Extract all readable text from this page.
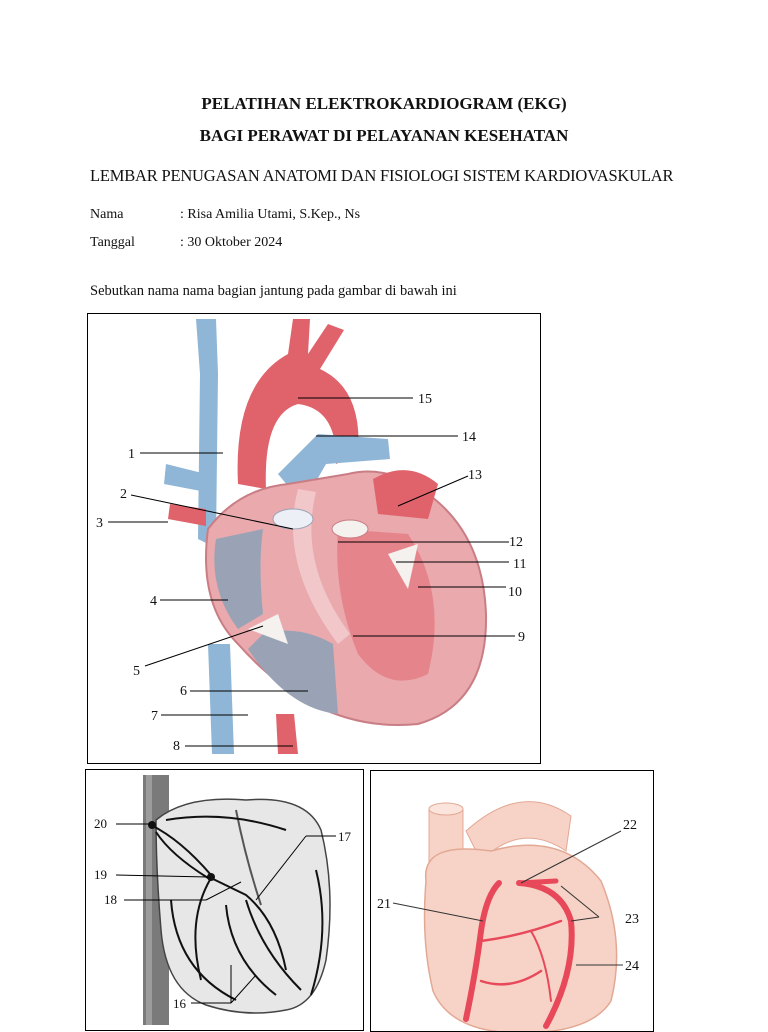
PELATIHAN ELEKTROKARDIOGRAM (EKG)
BAGI PERAWAT DI PELAYANAN KESEHATAN
LEMBAR PENUGASAN ANATOMI DAN FISIOLOGI SISTEM KARDIOVASKULAR
Nama	: Risa Amilia Utami, S.Kep., Ns
Tanggal	: 30 Oktober 2024
Sebutkan nama nama bagian jantung pada gambar di bawah ini
1
2
3
4
5
6
7
8
9
10
11
12
13
14
15
20
19
18
17
16
21
22
23
24
